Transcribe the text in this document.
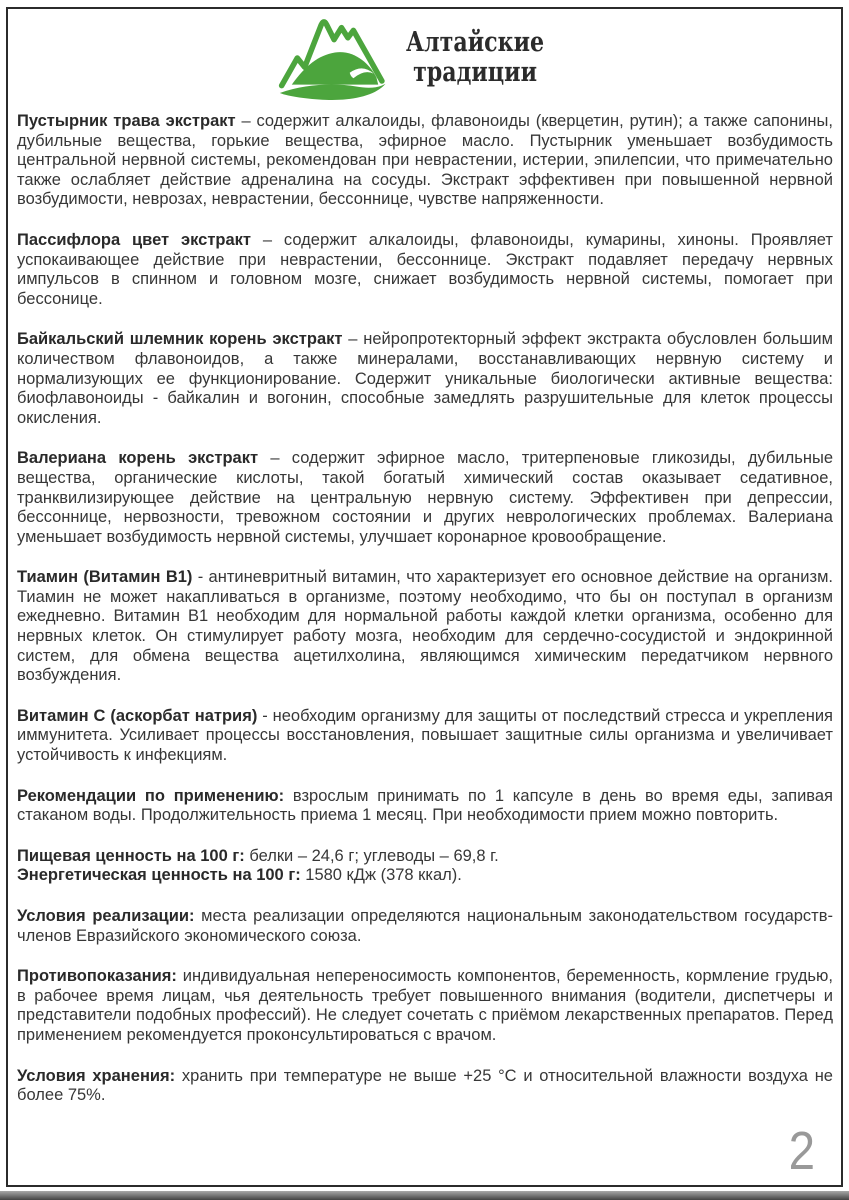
Алтайские
традиции
Пустырник трава экстракт – содержит алкалоиды, флавоноиды (кверцетин, рутин); а также сапонины, дубильные вещества, горькие вещества, эфирное масло. Пустырник уменьшает возбудимость центральной нервной системы, рекомендован при неврастении, истерии, эпилепсии, что примечательно также ослабляет действие адреналина на сосуды. Экстракт эффективен при повышенной нервной возбудимости, неврозах, неврастении, бессоннице, чувстве напряженности.
Пассифлора цвет экстракт – содержит алкалоиды, флавоноиды, кумарины, хиноны. Проявляет успокаивающее действие при неврастении, бессоннице. Экстракт подавляет передачу нервных импульсов в спинном и головном мозге, снижает возбудимость нервной системы, помогает при бессонице.
Байкальский шлемник корень экстракт – нейропротекторный эффект экстракта обусловлен большим количеством флавоноидов, а также минералами, восстанавливающих нервную систему и нормализующих ее функционирование. Содержит уникальные биологически активные вещества: биофлавоноиды - байкалин и вогонин, способные замедлять разрушительные для клеток процессы окисления.
Валериана корень экстракт – содержит эфирное масло, тритерпеновые гликозиды, дубильные вещества, органические кислоты, такой богатый химический состав оказывает седативное, транквилизирующее действие на центральную нервную систему. Эффективен при депрессии, бессоннице, нервозности, тревожном состоянии и других неврологических проблемах. Валериана уменьшает возбудимость нервной системы, улучшает коронарное кровообращение.
Тиамин (Витамин В1) - антиневритный витамин, что характеризует его основное действие на организм. Тиамин не может накапливаться в организме, поэтому необходимо, что бы он поступал в организм ежедневно. Витамин В1 необходим для нормальной работы каждой клетки организма, особенно для нервных клеток. Он стимулирует работу мозга, необходим для сердечно-сосудистой и эндокринной систем, для обмена вещества ацетилхолина, являющимся химическим передатчиком нервного возбуждения.
Витамин С (аскорбат натрия) - необходим организму для защиты от последствий стресса и укрепления иммунитета. Усиливает процессы восстановления, повышает защитные силы организма и увеличивает устойчивость к инфекциям.
Рекомендации по применению: взрослым принимать по 1 капсуле в день во время еды, запивая стаканом воды. Продолжительность приема 1 месяц. При необходимости прием можно повторить.
Пищевая ценность на 100 г: белки – 24,6 г; углеводы – 69,8 г.
Энергетическая ценность на 100 г: 1580 кДж (378 ккал).
Условия реализации: места реализации определяются национальным законодательством государств-членов Евразийского экономического союза.
Противопоказания: индивидуальная непереносимость компонентов, беременность, кормление грудью, в рабочее время лицам, чья деятельность требует повышенного внимания (водители, диспетчеры и представители подобных профессий). Не следует сочетать с приёмом лекарственных препаратов. Перед применением рекомендуется проконсультироваться с врачом.
Условия хранения: хранить при температуре не выше +25 °С и относительной влажности воздуха не более 75%.
2
